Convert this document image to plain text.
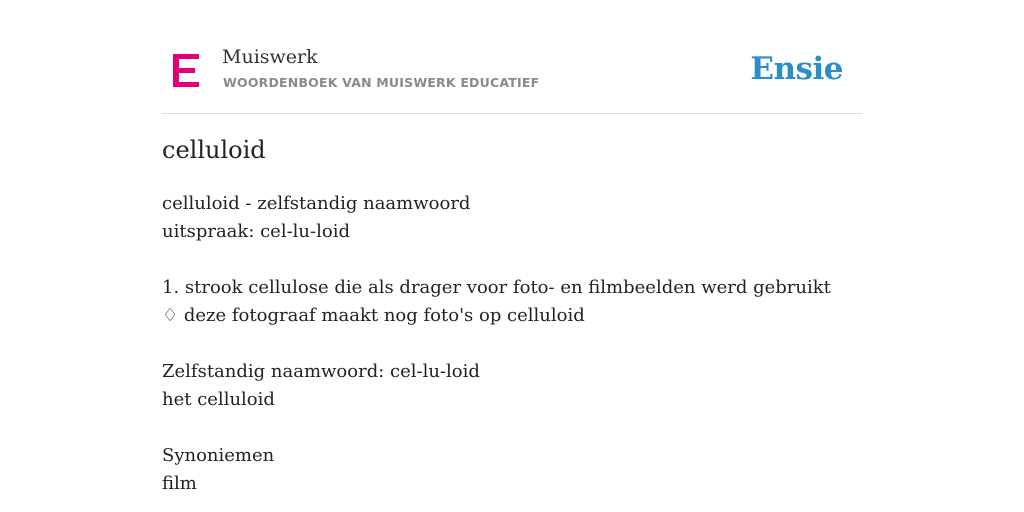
Muiswerk
WOORDENBOEK VAN MUISWERK EDUCATIEF	Ensie
celluloid
celluloid - zelfstandig naamwoord
uitspraak: cel-lu-loid
1. strook cellulose die als drager voor foto- en filmbeelden werd gebruikt
♢ deze fotograaf maakt nog foto's op celluloid
Zelfstandig naamwoord: cel-lu-loid
het celluloid
Synoniemen
film
